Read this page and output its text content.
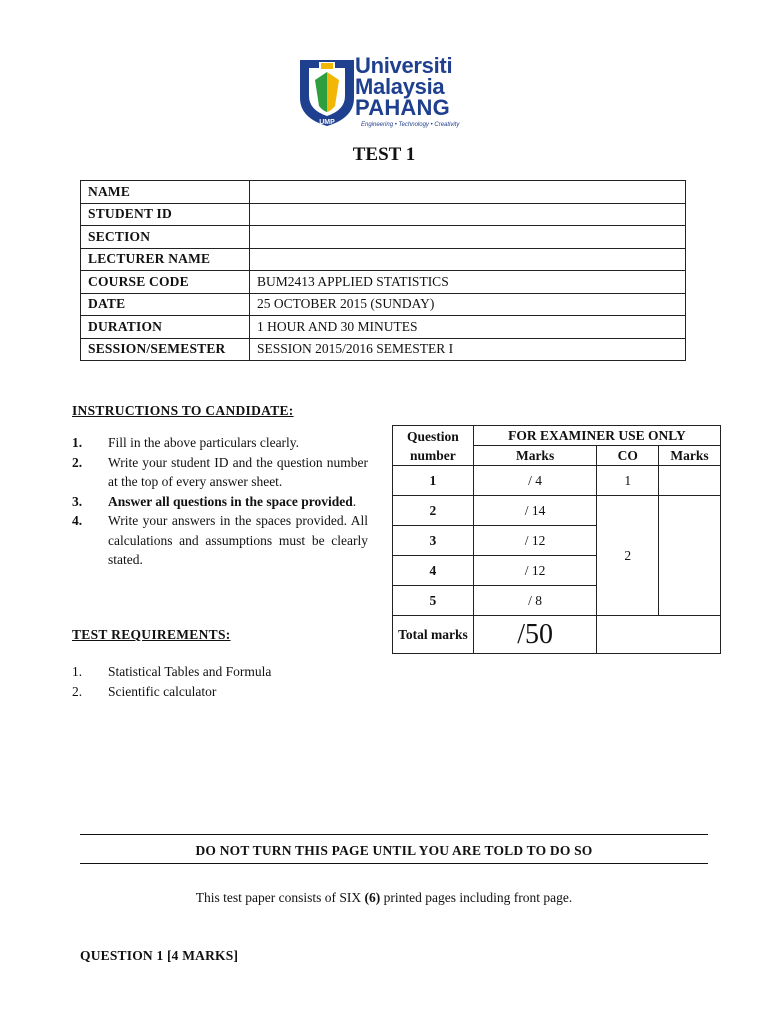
UMP
Universiti
Malaysia
PAHANG
Engineering • Technology • Creativity
TEST 1
NAME	
STUDENT ID	
SECTION	
LECTURER NAME	
COURSE CODE	BUM2413 APPLIED STATISTICS
DATE	25 OCTOBER 2015 (SUNDAY)
DURATION	1 HOUR AND 30 MINUTES
SESSION/SEMESTER	SESSION 2015/2016 SEMESTER I
INSTRUCTIONS TO CANDIDATE:
1.	Fill in the above particulars clearly.
2.	Write your student ID and the question number at the top of every answer sheet.
3.	Answer all questions in the space provided.
4.	Write your answers in the spaces provided. All calculations and assumptions must be clearly stated.
TEST REQUIREMENTS:
1.	Statistical Tables and Formula
2.	Scientific calculator
Question number	FOR EXAMINER USE ONLY		
	Marks	CO	Marks
1	/ 4	1	
2	/ 14	2	
3	/ 12		
4	/ 12		
5	/ 8		
Total marks	/50		
DO NOT TURN THIS PAGE UNTIL YOU ARE TOLD TO DO SO
This test paper consists of SIX (6) printed pages including front page.
QUESTION 1 [4 MARKS]
